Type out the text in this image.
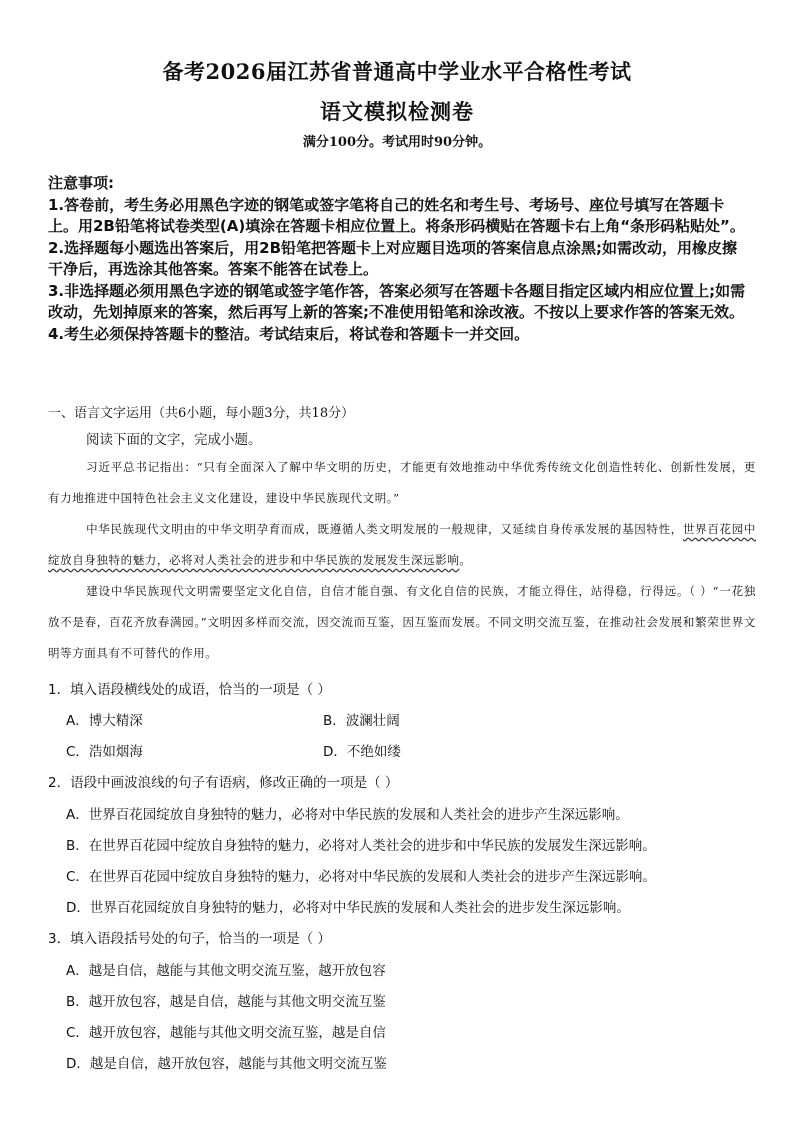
备考2026届江苏省普通高中学业水平合格性考试
语文模拟检测卷
满分100分。考试用时90分钟。

注意事项:

1.答卷前，考生务必用黑色字迹的钢笔或签字笔将自己的姓名和考生号、考场号、座位号填写在答题卡上。用2B铅笔将试卷类型(A)填涂在答题卡相应位置上。将条形码横贴在答题卡右上角“条形码粘贴处”。

2.选择题每小题选出答案后，用2B铅笔把答题卡上对应题目选项的答案信息点涂黑;如需改动，用橡皮擦干净后，再选涂其他答案。答案不能答在试卷上。

3.非选择题必须用黑色字迹的钢笔或签字笔作答，答案必须写在答题卡各题目指定区域内相应位置上;如需改动，先划掉原来的答案，然后再写上新的答案;不准使用铅笔和涂改液。不按以上要求作答的答案无效。

4.考生必须保持答题卡的整洁。考试结束后，将试卷和答题卡一并交回。

一、语言文字运用（共6小题，每小题3分，共18分）
阅读下面的文字，完成小题。
习近平总书记指出：“只有全面深入了解中华文明的历史，才能更有效地推动中华优秀传统文化创造性转化、创新性发展，更有力地推进中国特色社会主义文化建设，建设中华民族现代文明。”
中华民族现代文明由的中华文明孕育而成，既遵循人类文明发展的一般规律，又延续自身传承发展的基因特性，世界百花园中绽放自身独特的魅力，必将对人类社会的进步和中华民族的发展发生深远影响。
建设中华民族现代文明需要坚定文化自信，自信才能自强、有文化自信的民族，才能立得住，站得稳，行得远。（ ）“一花独放不是春，百花齐放春满园。”文明因多样而交流，因交流而互鉴，因互鉴而发展。不同文明交流互鉴，在推动社会发展和繁荣世界文明等方面具有不可替代的作用。
1．填入语段横线处的成语，恰当的一项是（ ）
A．博大精深	B．波澜壮阔
C．浩如烟海	D．不绝如缕
2．语段中画波浪线的句子有语病，修改正确的一项是（ ）
A．世界百花园绽放自身独特的魅力，必将对中华民族的发展和人类社会的进步产生深远影响。
B．在世界百花园中绽放自身独特的魅力，必将对人类社会的进步和中华民族的发展发生深远影响。
C．在世界百花园中绽放自身独特的魅力，必将对中华民族的发展和人类社会的进步产生深远影响。
D．世界百花园绽放自身独特的魅力，必将对中华民族的发展和人类社会的进步发生深远影响。
3．填入语段括号处的句子，恰当的一项是（ ）
A．越是自信，越能与其他文明交流互鉴，越开放包容
B．越开放包容，越是自信，越能与其他文明交流互鉴
C．越开放包容，越能与其他文明交流互鉴，越是自信
D．越是自信，越开放包容，越能与其他文明交流互鉴
